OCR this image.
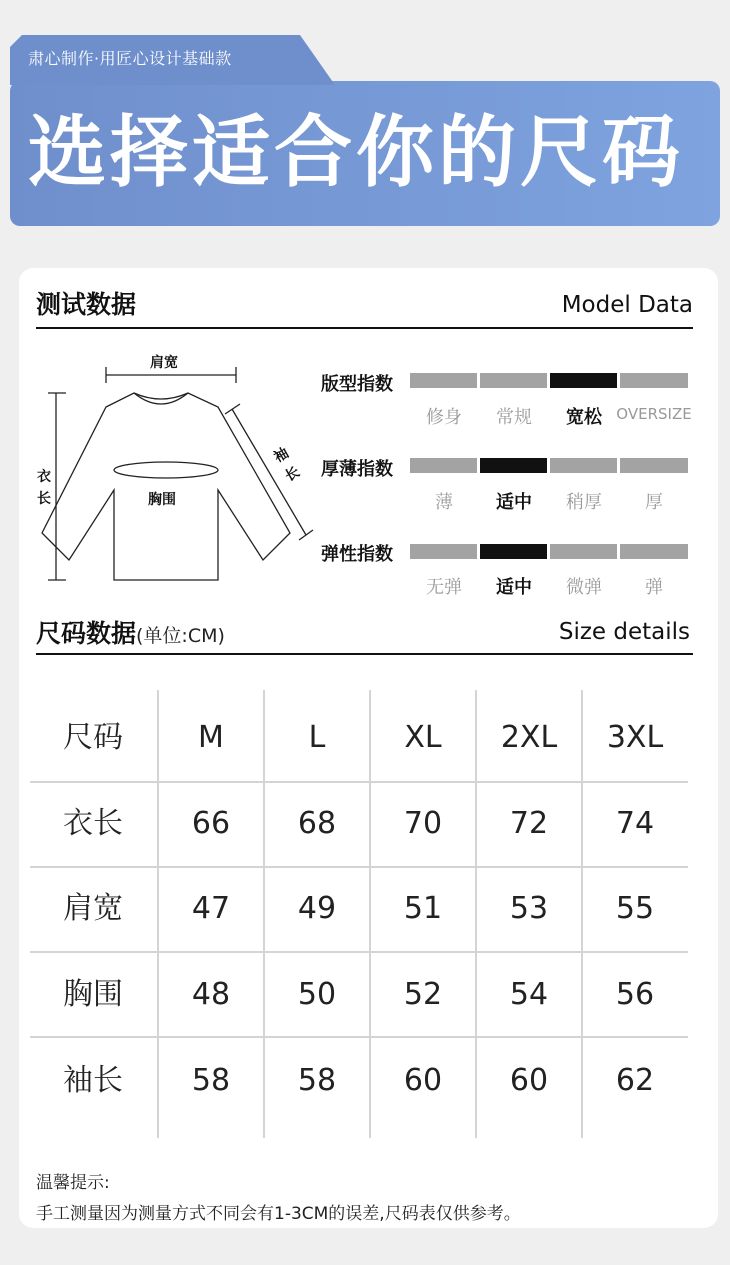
肃心制作·用匠心设计基础款
选择适合你的尺码
测试数据	Model Data
肩宽
衣
长
袖
长
胸围
版型指数
修身	常规	宽松 OVERSIZE
厚薄指数
薄	适中	稍厚	厚
弹性指数
无弹	适中	微弹	弹
尺码数据(单位:CM)	Size details
尺码	M	L	XL	2XL	3XL
衣长	66	68	70	72	74
肩宽	47	49	51	53	55
胸围	48	50	52	54	56
袖长	58	58	60	60	62
温馨提示:
手工测量因为测量方式不同会有1-3CM的误差,尺码表仅供参考。
